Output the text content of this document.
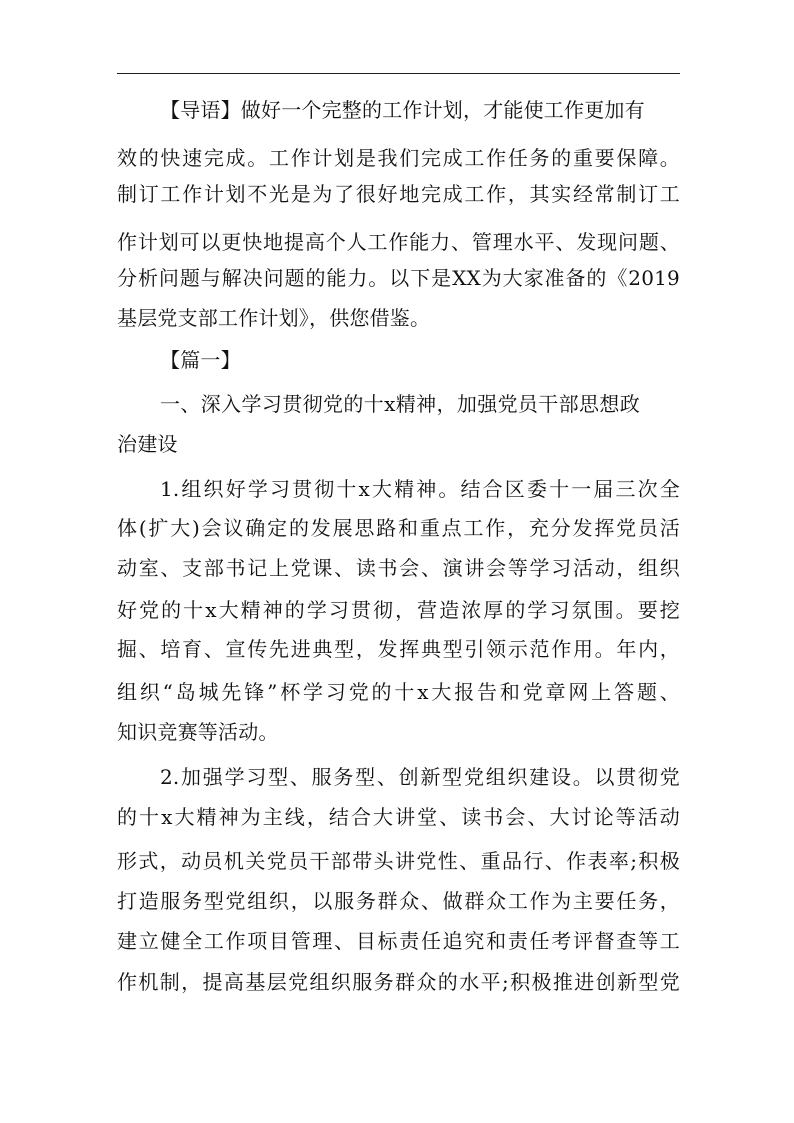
【导语】做好一个完整的工作计划，才能使工作更加有
效的快速完成。工作计划是我们完成工作任务的重要保障。
制订工作计划不光是为了很好地完成工作，其实经常制订工
作计划可以更快地提高个人工作能力、管理水平、发现问题、
分析问题与解决问题的能力。以下是XX为大家准备的《2019
基层党支部工作计划》，供您借鉴。
【篇一】
一、深入学习贯彻党的十x精神，加强党员干部思想政
治建设
1.组织好学习贯彻十x大精神。结合区委十一届三次全
体(扩大)会议确定的发展思路和重点工作，充分发挥党员活
动室、支部书记上党课、读书会、演讲会等学习活动，组织
好党的十x大精神的学习贯彻，营造浓厚的学习氛围。要挖
掘、培育、宣传先进典型，发挥典型引领示范作用。年内，
组织“岛城先锋”杯学习党的十x大报告和党章网上答题、
知识竞赛等活动。
2.加强学习型、服务型、创新型党组织建设。以贯彻党
的十x大精神为主线，结合大讲堂、读书会、大讨论等活动
形式，动员机关党员干部带头讲党性、重品行、作表率;积极
打造服务型党组织，以服务群众、做群众工作为主要任务，
建立健全工作项目管理、目标责任追究和责任考评督查等工
作机制，提高基层党组织服务群众的水平;积极推进创新型党
